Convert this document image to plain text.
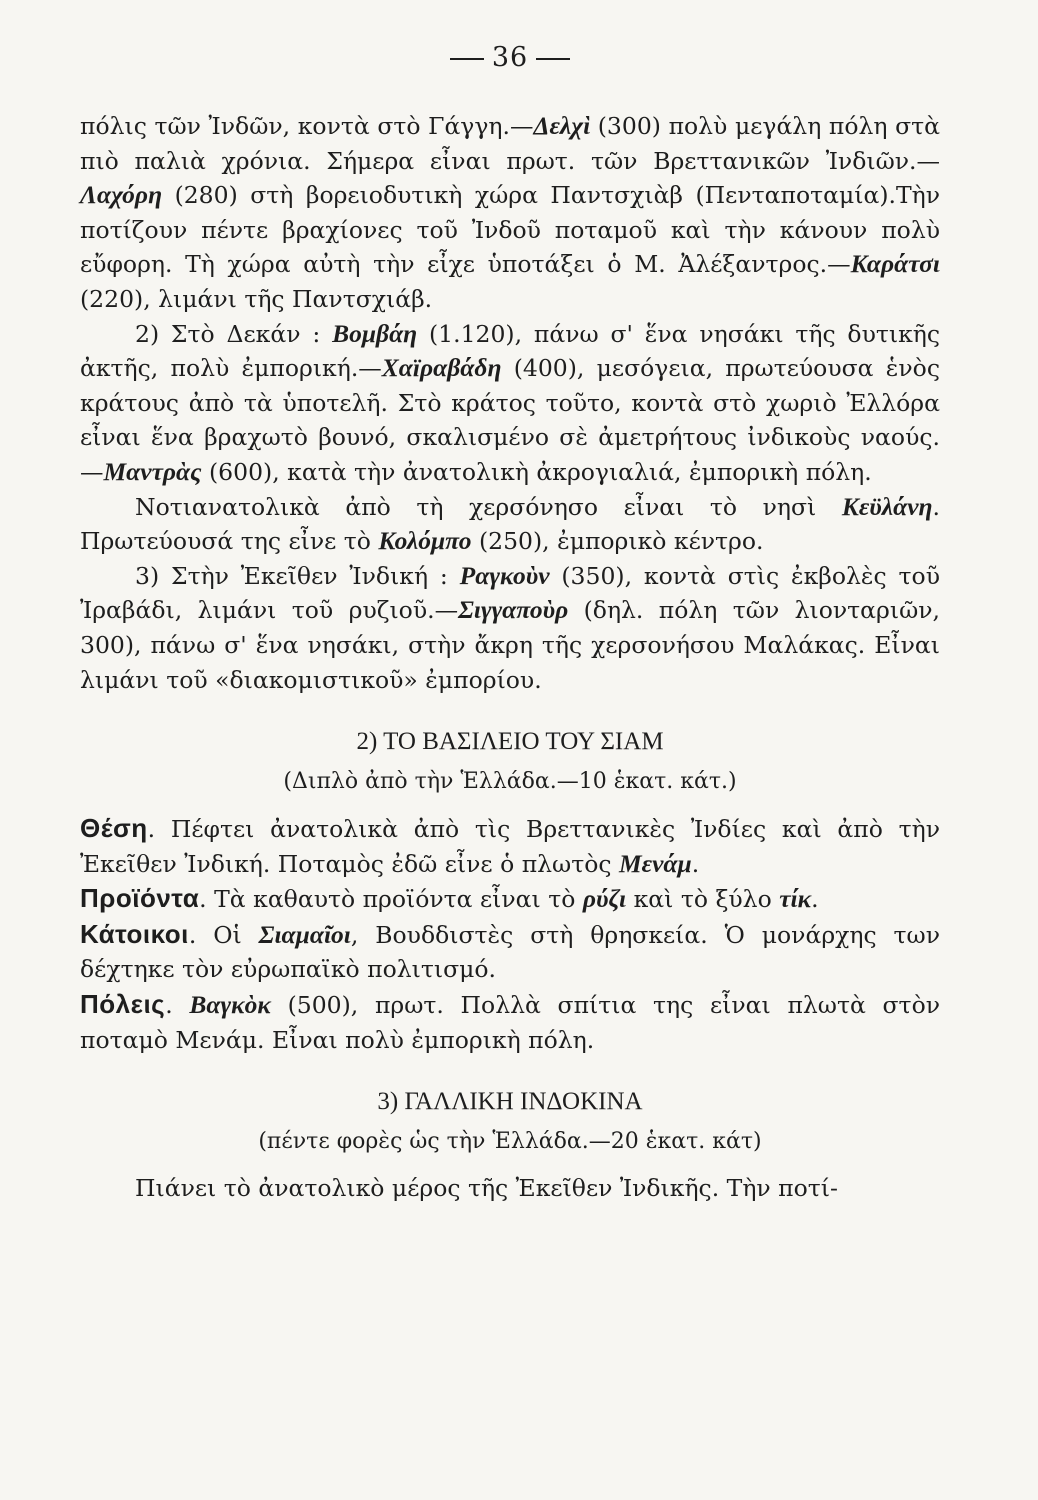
36

πόλις τῶν Ἰνδῶν, κοντὰ στὸ Γάγγη.—Δελχὶ (300) πολὺ μεγάλη πόλη στὰ πιὸ παλιὰ χρόνια. Σήμερα εἶναι πρωτ. τῶν Βρεττανικῶν Ἰνδιῶν.—Λαχόρη (280) στὴ βορειοδυτικὴ χώρα Παντσχιὰβ (Πενταποταμία).Τὴν ποτίζουν πέντε βραχίονες τοῦ Ἰνδοῦ ποταμοῦ καὶ τὴν κάνουν πολὺ εὔφορη. Τὴ χώρα αὐτὴ τὴν εἶχε ὑποτάξει ὁ Μ. Ἀλέξαντρος.—Καράτσι (220), λιμάνι τῆς Παντσχιάβ.

2) Στὸ Δεκάν : Βομβάη (1.120), πάνω σ' ἕνα νησάκι τῆς δυτικῆς ἀκτῆς, πολὺ ἐμπορική.—Χαϊραβάδη (400), μεσόγεια, πρωτεύουσα ἑνὸς κράτους ἀπὸ τὰ ὑποτελῆ. Στὸ κράτος τοῦτο, κοντὰ στὸ χωριὸ Ἐλλόρα εἶναι ἕνα βραχωτὸ βουνό, σκαλισμένο σὲ ἀμετρήτους ἰνδικοὺς ναούς.—Μαντρὰς (600), κατὰ τὴν ἀνατολικὴ ἀκρογιαλιά, ἐμπορικὴ πόλη.

Νοτιανατολικὰ ἀπὸ τὴ χερσόνησο εἶναι τὸ νησὶ Κεϋλάνη. Πρωτεύουσά της εἶνε τὸ Κολόμπο (250), ἐμπορικὸ κέντρο.

3) Στὴν Ἐκεῖθεν Ἰνδική : Ραγκοὺν (350), κοντὰ στὶς ἐκβολὲς τοῦ Ἰραβάδι, λιμάνι τοῦ ρυζιοῦ.—Σιγγαποὺρ (δηλ. πόλη τῶν λιονταριῶν, 300), πάνω σ' ἕνα νησάκι, στὴν ἄκρη τῆς χερσονήσου Μαλάκας. Εἶναι λιμάνι τοῦ «διακομιστικοῦ» ἐμπορίου.

2) ΤΟ ΒΑΣΙΛΕΙΟ ΤΟΥ ΣΙΑΜ
(Διπλὸ ἀπὸ τὴν Ἑλλάδα.—10 ἑκατ. κάτ.)

Θέση. Πέφτει ἀνατολικὰ ἀπὸ τὶς Βρεττανικὲς Ἰνδίες καὶ ἀπὸ τὴν Ἐκεῖθεν Ἰνδική. Ποταμὸς ἐδῶ εἶνε ὁ πλωτὸς Μενάμ.

Προϊόντα. Τὰ καθαυτὸ προϊόντα εἶναι τὸ ρύζι καὶ τὸ ξύλο τίκ.

Κάτοικοι. Οἱ Σιαμαῖοι, Βουδδιστὲς στὴ θρησκεία. Ὁ μονάρχης των δέχτηκε τὸν εὐρωπαϊκὸ πολιτισμό.

Πόλεις. Βαγκὸκ (500), πρωτ. Πολλὰ σπίτια της εἶναι πλωτὰ στὸν ποταμὸ Μενάμ. Εἶναι πολὺ ἐμπορικὴ πόλη.

3) ΓΑΛΛΙΚΗ ΙΝΔΟΚΙΝΑ
(πέντε φορὲς ὡς τὴν Ἑλλάδα.—20 ἑκατ. κάτ)

Πιάνει τὸ ἀνατολικὸ μέρος τῆς Ἐκεῖθεν Ἰνδικῆς. Τὴν ποτί-
